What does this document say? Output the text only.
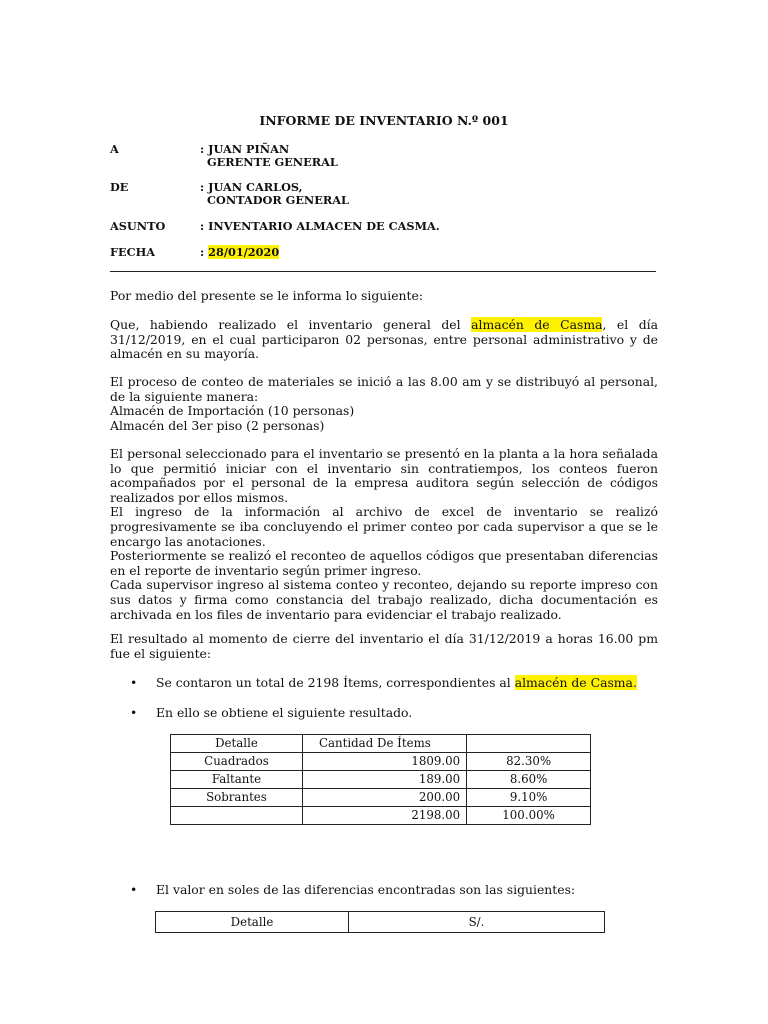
INFORME DE INVENTARIO N.º 001
A	: JUAN PIÑAN
GERENTE GENERAL
DE	: JUAN CARLOS,
CONTADOR GENERAL
ASUNTO	: INVENTARIO ALMACEN DE CASMA.
FECHA	: 28/01/2020

Por medio del presente se le informa lo siguiente:

Que, habiendo realizado el inventario general del almacén de Casma, el día 31/12/2019, en el cual participaron 02 personas, entre personal administrativo y de almacén en su mayoría.

El proceso de conteo de materiales se inició a las 8.00 am y se distribuyó al personal, de la siguiente manera:

Almacén de Importación (10 personas)

Almacén del 3er piso (2 personas)

El personal seleccionado para el inventario se presentó en la planta a la hora señalada lo que permitió iniciar con el inventario sin contratiempos, los conteos fueron acompañados por el personal de la empresa auditora según selección de códigos realizados por ellos mismos.

El ingreso de la información al archivo de excel de inventario se realizó progresivamente se iba concluyendo el primer conteo por cada supervisor a que se le encargo las anotaciones.

Posteriormente se realizó el reconteo de aquellos códigos que presentaban diferencias en el reporte de inventario según primer ingreso.

Cada supervisor ingreso al sistema conteo y reconteo, dejando su reporte impreso con sus datos y firma como constancia del trabajo realizado, dicha documentación es archivada en los files de inventario para evidenciar el trabajo realizado.

El resultado al momento de cierre del inventario el día 31/12/2019 a horas 16.00 pm fue el siguiente:

•	Se contaron un total de 2198 Ítems, correspondientes al almacén de Casma.
•	En ello se obtiene el siguiente resultado.
Detalle	Cantidad De Ítems	
Cuadrados	1809.00	82.30%
Faltante	189.00	8.60%
Sobrantes	200.00	9.10%
	2198.00	100.00%
•	El valor en soles de las diferencias encontradas son las siguientes:
Detalle	S/.
